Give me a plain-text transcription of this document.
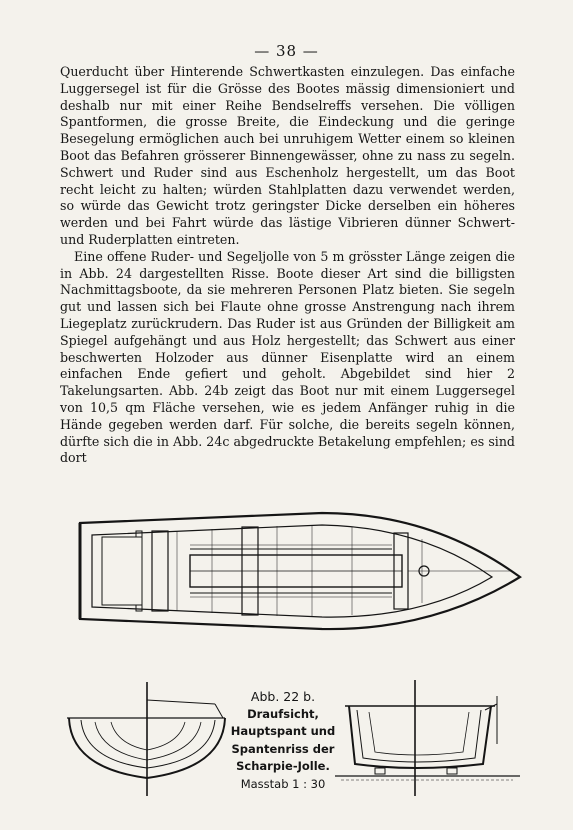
— 38 —

Querducht über Hinterende Schwertkasten einzulegen. Das einfache Luggersegel ist für die Grösse des Bootes mässig dimensioniert und deshalb nur mit einer Reihe Bendselreffs versehen. Die völligen Spantformen, die grosse Breite, die Eindeckung und die geringe Besegelung ermöglichen auch bei unruhigem Wetter einem so kleinen Boot das Befahren grösserer Binnengewässer, ohne zu nass zu segeln. Schwert und Ruder sind aus Eschenholz hergestellt, um das Boot recht leicht zu halten; würden Stahlplatten dazu verwendet werden, so würde das Gewicht trotz geringster Dicke derselben ein höheres werden und bei Fahrt würde das lästige Vibrieren dünner Schwert- und Ruderplatten eintreten.

Eine offene Ruder- und Segeljolle von 5 m grösster Länge zeigen die in Abb. 24 dargestellten Risse. Boote dieser Art sind die billigsten Nachmittagsboote, da sie mehreren Personen Platz bieten. Sie segeln gut und lassen sich bei Flaute ohne grosse Anstrengung nach ihrem Liegeplatz zurückrudern. Das Ruder ist aus Gründen der Billigkeit am Spiegel aufgehängt und aus Holz hergestellt; das Schwert aus einer beschwerten Holzoder aus dünner Eisenplatte wird an einem einfachen Ende gefiert und geholt. Abgebildet sind hier 2 Takelungsarten. Abb. 24b zeigt das Boot nur mit einem Luggersegel von 10,5 qm Fläche versehen, wie es jedem Anfänger ruhig in die Hände gegeben werden darf. Für solche, die bereits segeln können, dürfte sich die in Abb. 24c abgedruckte Betakelung empfehlen; es sind dort

Abb. 22 b.
Draufsicht,
Hauptspant und
Spantenriss der
Scharpie-Jolle.
Masstab 1 : 30
